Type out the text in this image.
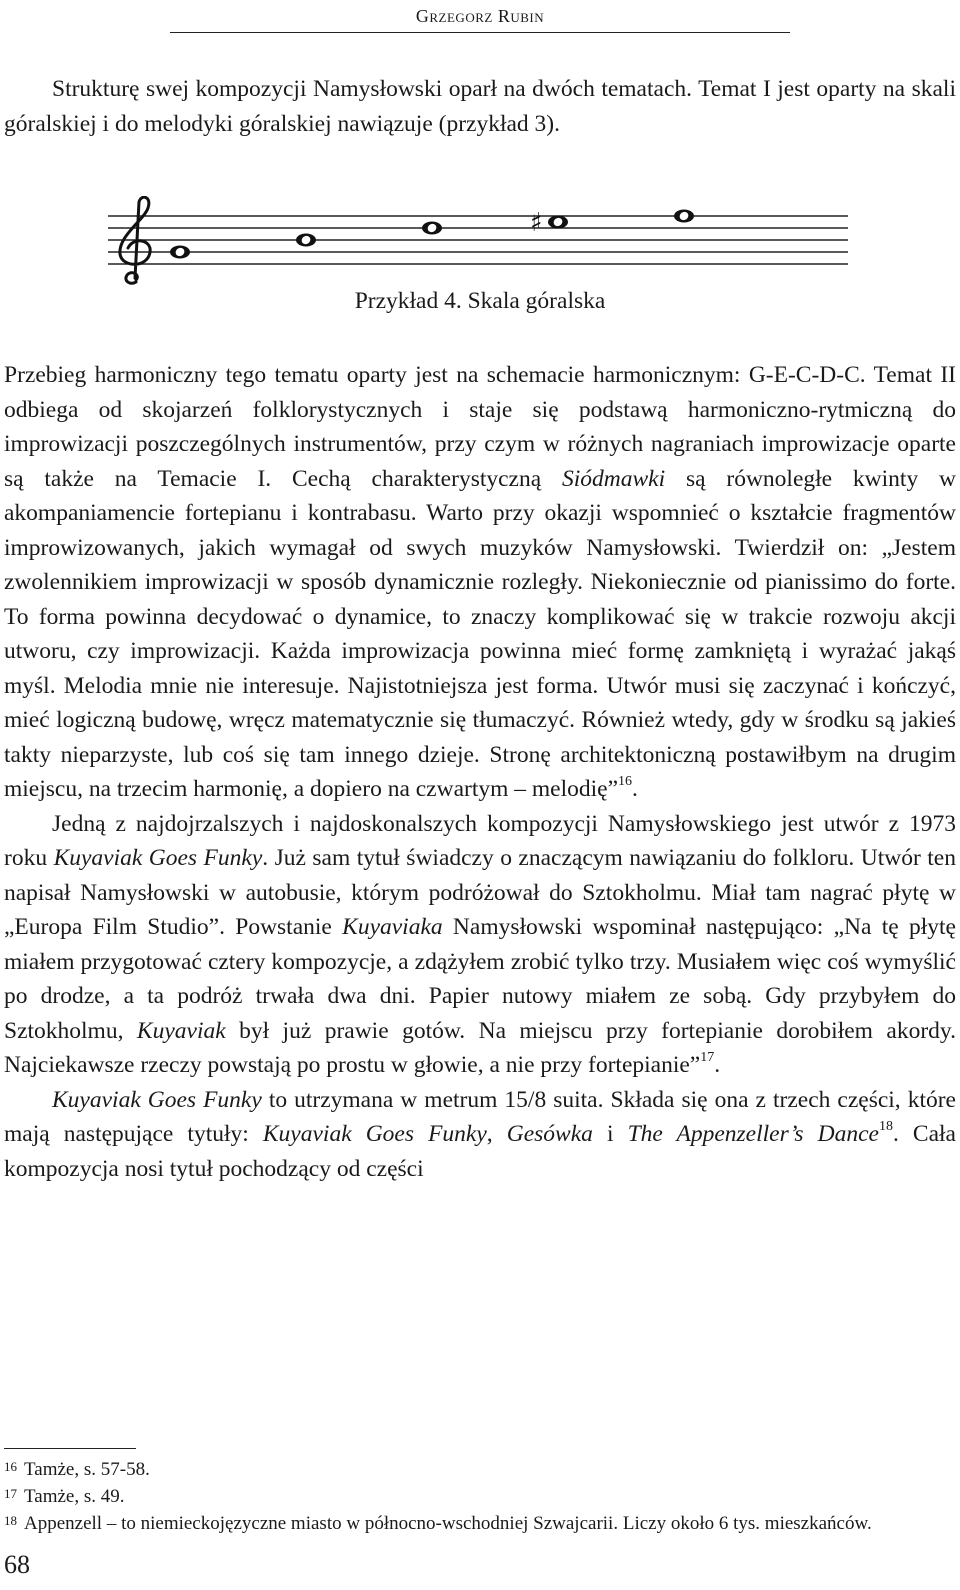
Grzegorz Rubin

Strukturę swej kompozycji Namysłowski oparł na dwóch tematach. Temat I jest oparty na skali góralskiej i do melodyki góralskiej nawiązuje (przykład 3).

♯
Przykład 4. Skala góralska

Przebieg harmoniczny tego tematu oparty jest na schemacie harmonicznym: G-E-C-D-C. Temat II odbiega od skojarzeń folklorystycznych i staje się podstawą harmoniczno-rytmiczną do improwizacji poszczególnych instrumentów, przy czym w różnych nagraniach improwizacje oparte są także na Temacie I. Cechą charakterystyczną Siódmawki są równoległe kwinty w akompaniamencie fortepianu i kontrabasu. Warto przy okazji wspomnieć o kształcie fragmentów improwizowanych, jakich wymagał od swych muzyków Namysłowski. Twierdził on: „Jestem zwolennikiem improwizacji w sposób dynamicznie rozległy. Niekoniecznie od pianissimo do forte. To forma powinna decydować o dynamice, to znaczy komplikować się w trakcie rozwoju akcji utworu, czy improwizacji. Każda improwizacja powinna mieć formę zamkniętą i wyrażać jakąś myśl. Melodia mnie nie interesuje. Najistotniejsza jest forma. Utwór musi się zaczynać i kończyć, mieć logiczną budowę, wręcz matematycznie się tłumaczyć. Również wtedy, gdy w środku są jakieś takty nieparzyste, lub coś się tam innego dzieje. Stronę architektoniczną postawiłbym na drugim miejscu, na trzecim harmonię, a dopiero na czwartym – melodię”$^{16}$.

Jedną z najdojrzalszych i najdoskonalszych kompozycji Namysłowskiego jest utwór z 1973 roku Kuyaviak Goes Funky. Już sam tytuł świadczy o znaczącym nawiązaniu do folkloru. Utwór ten napisał Namysłowski w autobusie, którym podróżował do Sztokholmu. Miał tam nagrać płytę w „Europa Film Studio”. Powstanie Kuyaviaka Namysłowski wspominał następująco: „Na tę płytę miałem przygotować cztery kompozycje, a zdążyłem zrobić tylko trzy. Musiałem więc coś wymyślić po drodze, a ta podróż trwała dwa dni. Papier nutowy miałem ze sobą. Gdy przybyłem do Sztokholmu, Kuyaviak był już prawie gotów. Na miejscu przy fortepianie dorobiłem akordy. Najciekawsze rzeczy powstają po prostu w głowie, a nie przy fortepianie”$^{17}$.

Kuyaviak Goes Funky to utrzymana w metrum 15/8 suita. Składa się ona z trzech części, które mają następujące tytuły: Kuyaviak Goes Funky, Gesówka i The Appenzeller’s Dance$^{18}$. Cała kompozycja nosi tytuł pochodzący od części

16 Tamże, s. 57-58.
17 Tamże, s. 49.
18 Appenzell – to niemieckojęzyczne miasto w północno-wschodniej Szwajcarii. Liczy około 6 tys. mieszkańców.
68
